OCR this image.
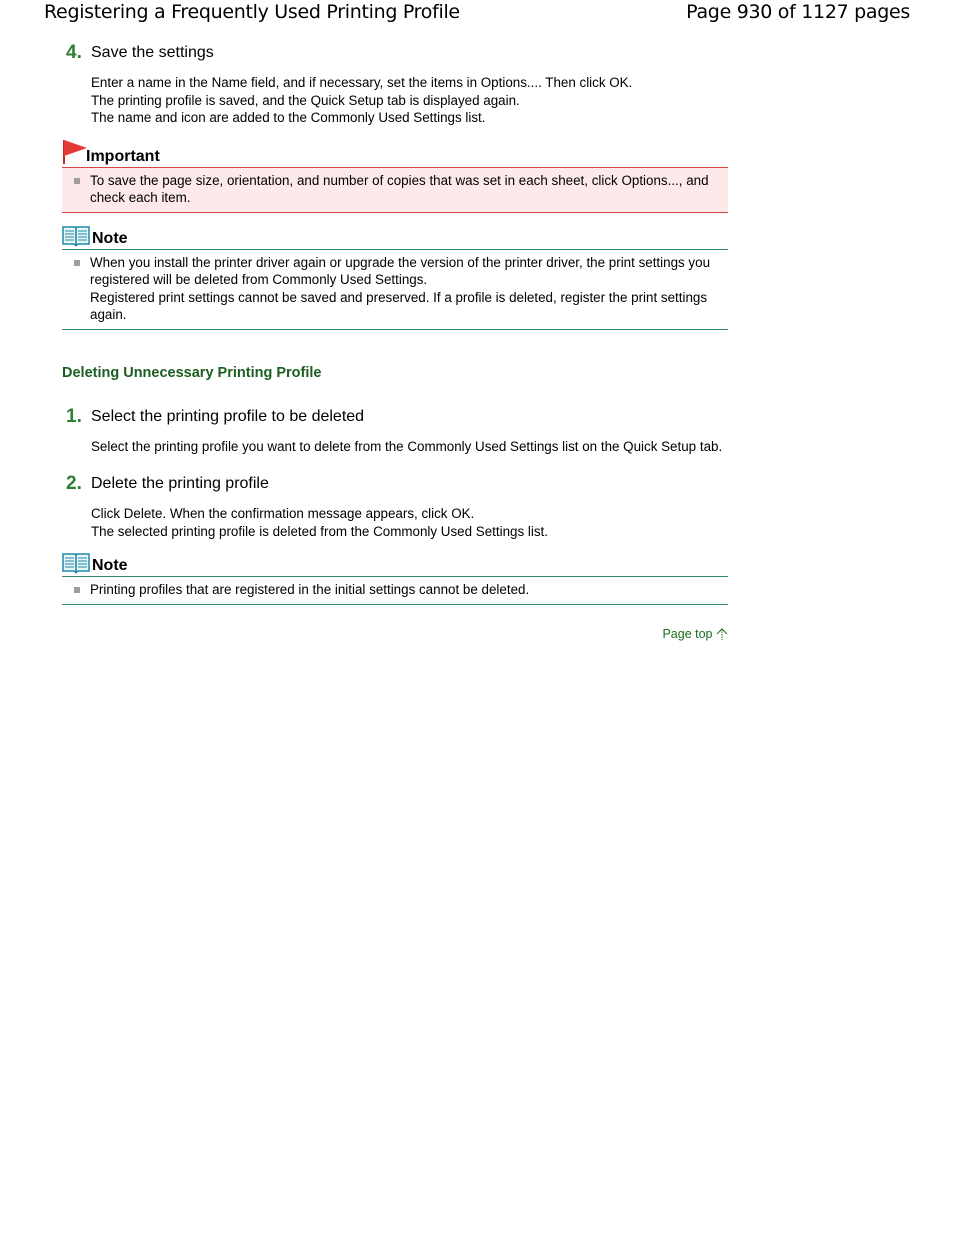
Registering a Frequently Used Printing Profile	Page 930 of 1127 pages
4. Save the settings

Enter a name in the Name field, and if necessary, set the items in Options.... Then click OK.

The printing profile is saved, and the Quick Setup tab is displayed again.

The name and icon are added to the Commonly Used Settings list.

Important

To save the page size, orientation, and number of copies that was set in each sheet, click Options..., and check each item.

Note

When you install the printer driver again or upgrade the version of the printer driver, the print settings you registered will be deleted from Commonly Used Settings.

Registered print settings cannot be saved and preserved. If a profile is deleted, register the print settings again.

Deleting Unnecessary Printing Profile
1. Select the printing profile to be deleted

Select the printing profile you want to delete from the Commonly Used Settings list on the Quick Setup tab.

2. Delete the printing profile

Click Delete. When the confirmation message appears, click OK.

The selected printing profile is deleted from the Commonly Used Settings list.

Note

Printing profiles that are registered in the initial settings cannot be deleted.

Page top
